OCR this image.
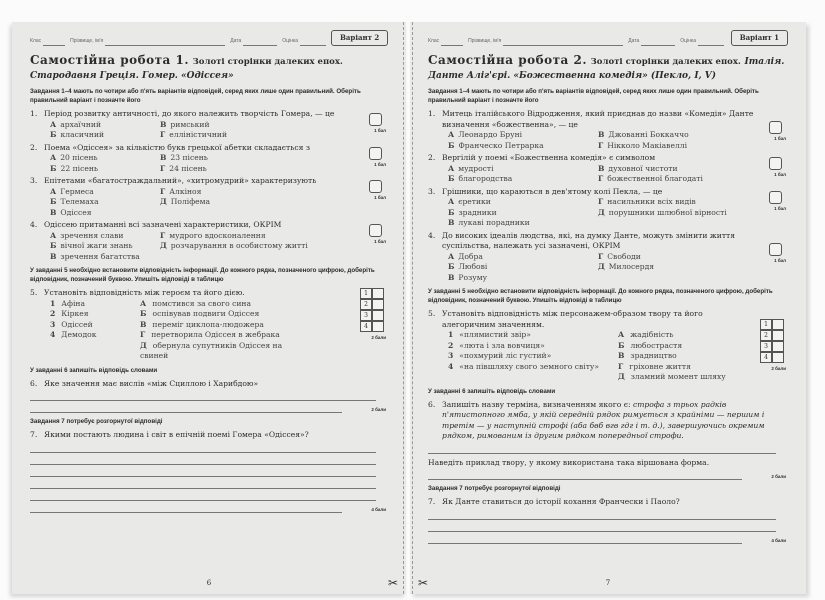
Клас	Прізвище, ім'я	Дата	Оцінка	Варіант 2
Самостійна робота 1. Золоті сторінки далеких епох. Стародавня Греція. Гомер. «Одіссея»
Завдання 1–4 мають по чотири або п'ять варіантів відповідей, серед яких лише один правильний. Оберіть правильний варіант і позначте його
1. Період розвитку античності, до якого належить творчість Гомера, — це
А архаїчний	В римський
Б класичний	Г елліністичний	1 бал
2. Поема «Одіссея» за кількістю букв грецької абетки складається з
А 20 пісень	В 23 пісень
Б 22 пісень	Г 24 пісень	1 бал
3. Епітетами «багатостраждальний», «хитромудрий» характеризують
А Гермеса	Г Алкіноя
Б Телемаха	Д Поліфема
В Одіссея
1 бал
4. Одіссею притаманні всі зазначені характеристики, ОКРІМ
А зречення слави	Г мудрого вдосконалення
Б вічної жаги знань	Д розчарування в особистому житті
В зречення багатства
1 бал
У завданні 5 необхідно встановити відповідність інформації. До кожного рядка, позначеного цифрою, доберіть відповідник, позначений буквою. Упишіть відповіді в таблицю
5. Установіть відповідність між героєм та його дією.
1 Афіна	А помстився за свого сина
2 Кіркея	Б оспівував подвиги Одіссея
3 Одіссей	В переміг циклопа-людожера
4 Демодок	Г перетворила Одіссея в жебрака
Д обернула супутників Одіссея на свиней
1
2
3
4
2 бали
У завданні 6 запишіть відповідь словами
6. Яке значення має вислів «між Сциллою і Харибдою»
2 бали
Завдання 7 потребує розгорнутої відповіді
7. Якими постають людина і світ в епічній поемі Гомера «Одіссея»?
4 бали
6	✂
Клас	Прізвище, ім'я	Дата	Оцінка	Варіант 1
Самостійна робота 2. Золоті сторінки далеких епох. Італія. Данте Аліг'єрі. «Божественна комедія» (Пекло, I, V)
Завдання 1–4 мають по чотири або п'ять варіантів відповідей, серед яких лише один правильний. Оберіть правильний варіант і позначте його
1. Митець італійського Відродження, який приєднав до назви «Комедія» Данте визначення «божественна», — це
А Леонардо Бруні	В Джованні Боккаччо
Б Франческо Петрарка	Г Нікколо Макіавеллі
1 бал
2. Вергілій у поемі «Божественна комедія» є символом
А мудрості	В духовної чистоти
Б благородства	Г божественної благодаті	1 бал
3. Грішники, що караються в дев'ятому колі Пекла, — це
А єретики	Г насильники всіх видів
Б зрадники	Д порушники шлюбної вірності
В лукаві порадники
1 бал
4. До високих ідеалів людства, які, на думку Данте, можуть змінити життя суспільства, належать усі зазначені, ОКРІМ
А Добра	Г Свободи
Б Любові	Д Милосердя
В Розуму
1 бал
У завданні 5 необхідно встановити відповідність інформації. До кожного рядка, позначеного цифрою, доберіть відповідник, позначений буквою. Упишіть відповіді в таблицю
5. Установіть відповідність між персонажем-образом твору та його алегоричним значенням.
1 «плямистий звір»	А жадібність
2 «люта і зла вовчиця»	Б любострастя
3 «похмурий ліс густий»	В зрадництво
4 «на півшляху свого земного світу»	Г гріховне життя
Д зламний момент шляху
1
2
3
4
2 бали
У завданні 6 запишіть відповідь словами
6. Запишіть назву терміна, визначенням якого є: строфа з трьох радків п'ятистопного ямба, у якій середній рядок римується з крайніми — першим і третім — у наступній строфі (аба бвб вгв гдг і т. д.), завершуючись окремим рядком, римованим із другим рядком попередньої строфи.
Наведіть приклад твору, у якому використана така віршована форма.
2 бали
Завдання 7 потребує розгорнутої відповіді
7. Як Данте ставиться до історії кохання Франчески і Паоло?
4 бали
7
✂
